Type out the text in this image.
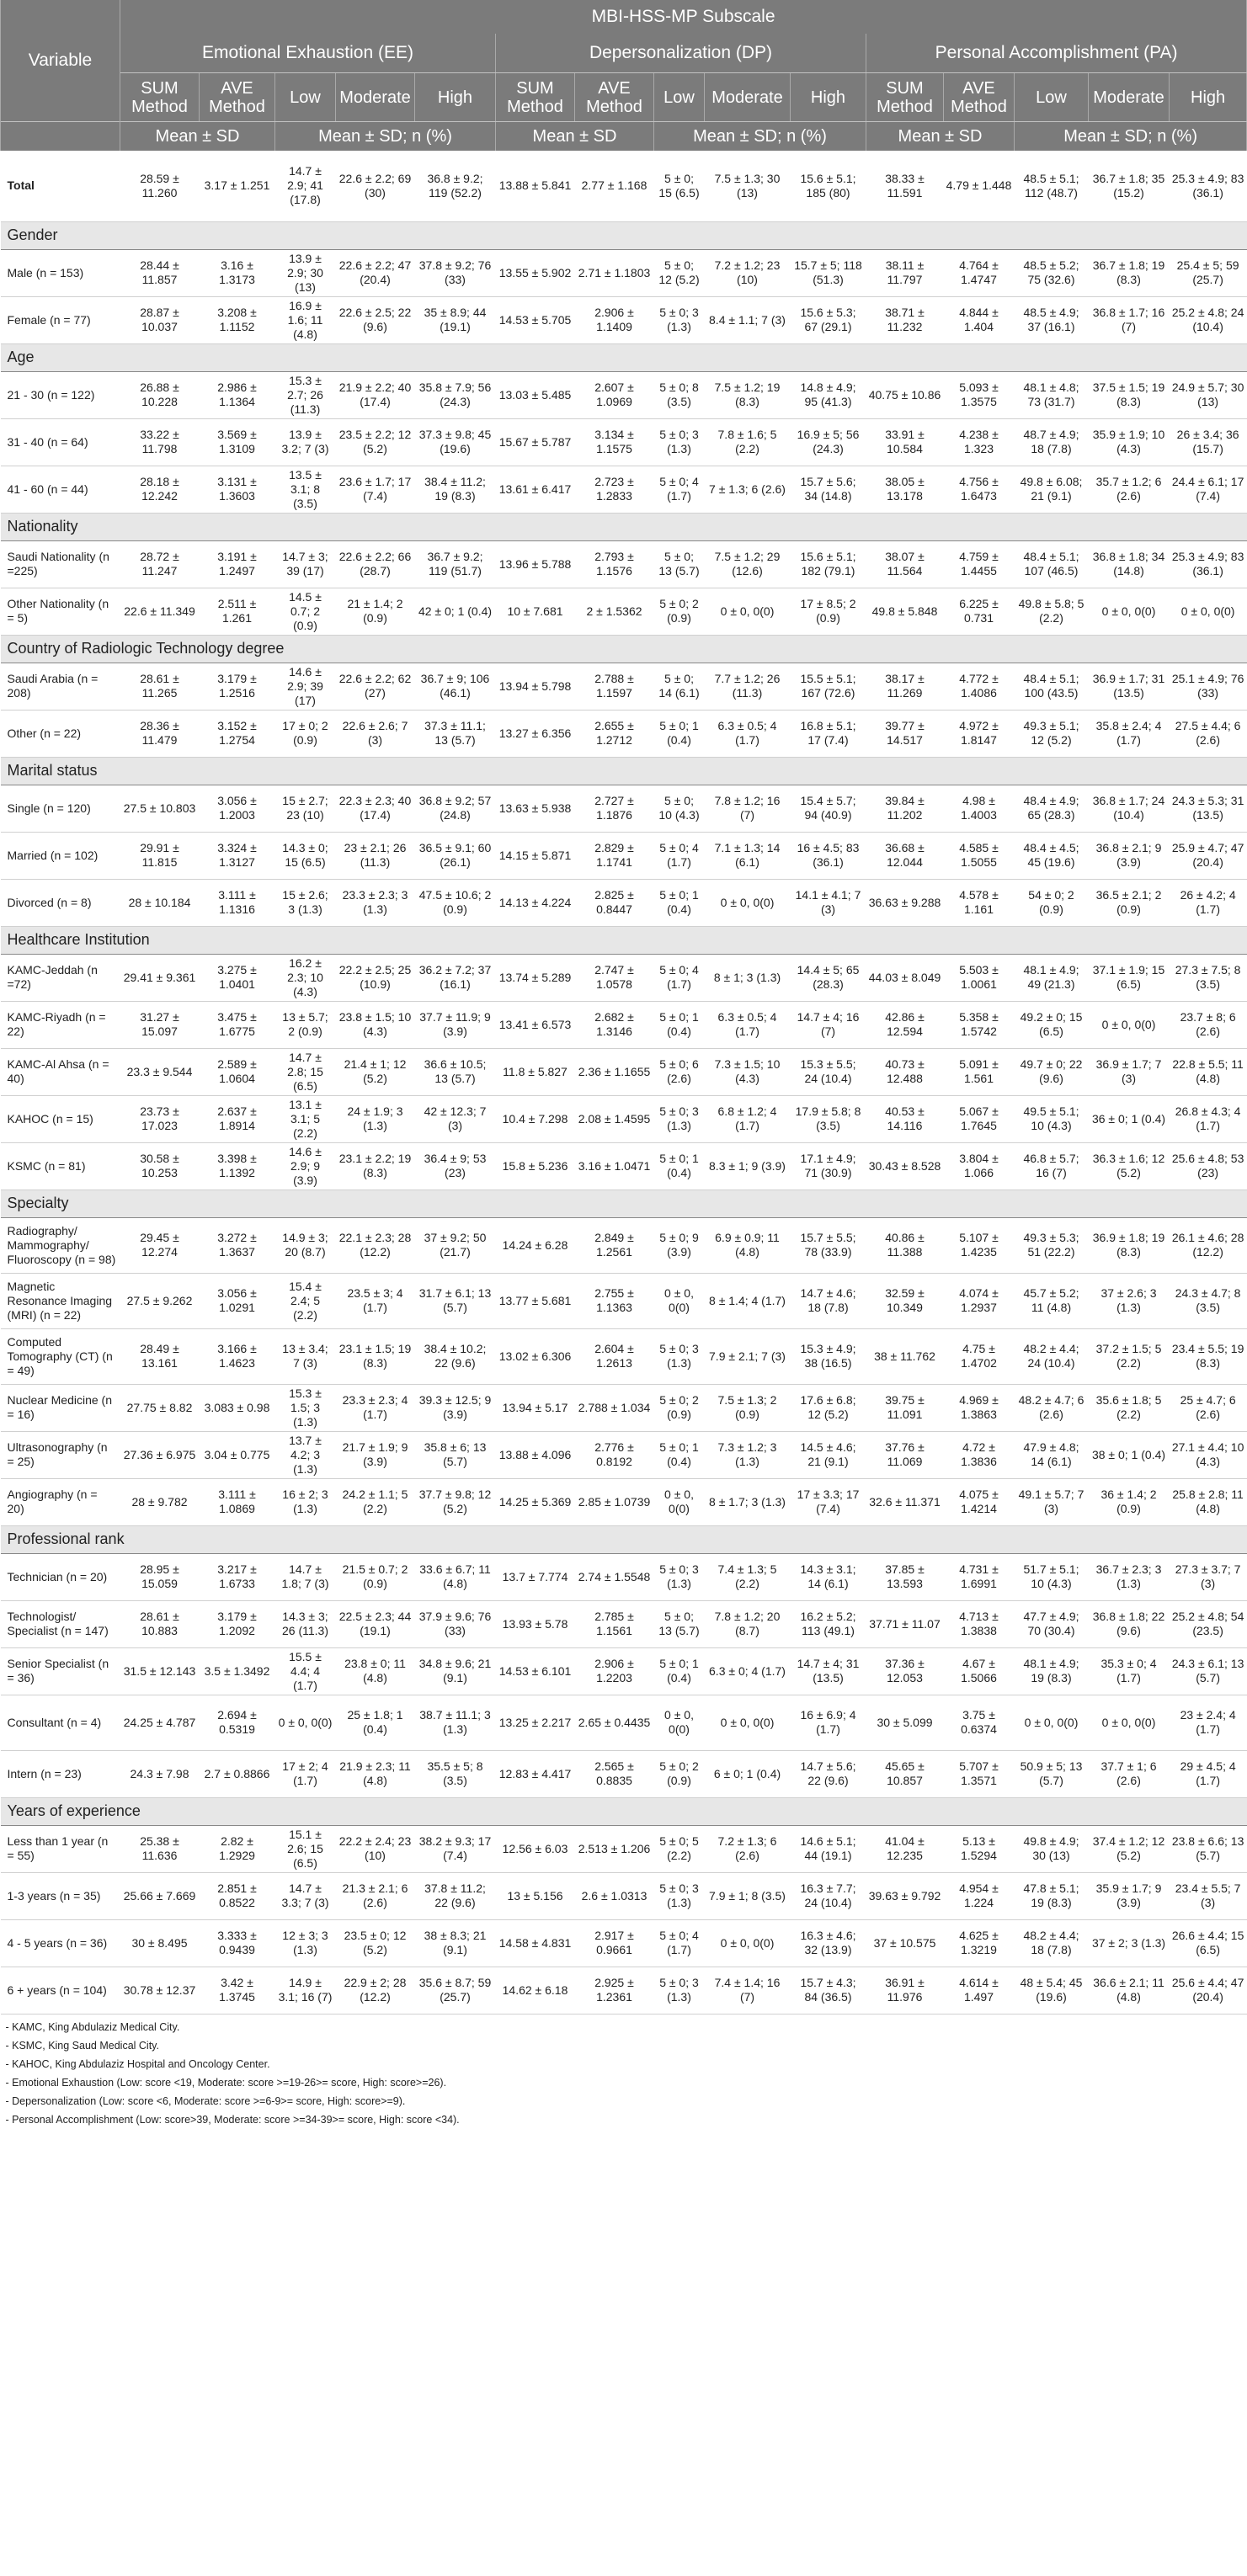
Variable	MBI-HSS-MP Subscale														
	Emotional Exhaustion (EE)					Depersonalization (DP)					Personal Accomplishment (PA)				
	SUM Method	AVE Method	Low	Moderate	High	SUM Method	AVE Method	Low	Moderate	High	SUM Method	AVE Method	Low	Moderate	High
	Mean ± SD		Mean ± SD; n (%)			Mean ± SD		Mean ± SD; n (%)			Mean ± SD		Mean ± SD; n (%)		
Total	28.59 ± 11.260	3.17 ± 1.251	14.7 ± 2.9; 41 (17.8)	22.6 ± 2.2; 69 (30)	36.8 ± 9.2; 119 (52.2)	13.88 ± 5.841	2.77 ± 1.168	5 ± 0; 15 (6.5)	7.5 ± 1.3; 30 (13)	15.6 ± 5.1; 185 (80)	38.33 ± 11.591	4.79 ± 1.448	48.5 ± 5.1; 112 (48.7)	36.7 ± 1.8; 35 (15.2)	25.3 ± 4.9; 83 (36.1)
Gender															
Male (n = 153)	28.44 ± 11.857	3.16 ± 1.3173	13.9 ± 2.9; 30 (13)	22.6 ± 2.2; 47 (20.4)	37.8 ± 9.2; 76 (33)	13.55 ± 5.902	2.71 ± 1.1803	5 ± 0; 12 (5.2)	7.2 ± 1.2; 23 (10)	15.7 ± 5; 118 (51.3)	38.11 ± 11.797	4.764 ± 1.4747	48.5 ± 5.2; 75 (32.6)	36.7 ± 1.8; 19 (8.3)	25.4 ± 5; 59 (25.7)
Female (n = 77)	28.87 ± 10.037	3.208 ± 1.1152	16.9 ± 1.6; 11 (4.8)	22.6 ± 2.5; 22 (9.6)	35 ± 8.9; 44 (19.1)	14.53 ± 5.705	2.906 ± 1.1409	5 ± 0; 3 (1.3)	8.4 ± 1.1; 7 (3)	15.6 ± 5.3; 67 (29.1)	38.71 ± 11.232	4.844 ± 1.404	48.5 ± 4.9; 37 (16.1)	36.8 ± 1.7; 16 (7)	25.2 ± 4.8; 24 (10.4)
Age															
21 - 30 (n = 122)	26.88 ± 10.228	2.986 ± 1.1364	15.3 ± 2.7; 26 (11.3)	21.9 ± 2.2; 40 (17.4)	35.8 ± 7.9; 56 (24.3)	13.03 ± 5.485	2.607 ± 1.0969	5 ± 0; 8 (3.5)	7.5 ± 1.2; 19 (8.3)	14.8 ± 4.9; 95 (41.3)	40.75 ± 10.86	5.093 ± 1.3575	48.1 ± 4.8; 73 (31.7)	37.5 ± 1.5; 19 (8.3)	24.9 ± 5.7; 30 (13)
31 - 40 (n = 64)	33.22 ± 11.798	3.569 ± 1.3109	13.9 ± 3.2; 7 (3)	23.5 ± 2.2; 12 (5.2)	37.3 ± 9.8; 45 (19.6)	15.67 ± 5.787	3.134 ± 1.1575	5 ± 0; 3 (1.3)	7.8 ± 1.6; 5 (2.2)	16.9 ± 5; 56 (24.3)	33.91 ± 10.584	4.238 ± 1.323	48.7 ± 4.9; 18 (7.8)	35.9 ± 1.9; 10 (4.3)	26 ± 3.4; 36 (15.7)
41 - 60 (n = 44)	28.18 ± 12.242	3.131 ± 1.3603	13.5 ± 3.1; 8 (3.5)	23.6 ± 1.7; 17 (7.4)	38.4 ± 11.2; 19 (8.3)	13.61 ± 6.417	2.723 ± 1.2833	5 ± 0; 4 (1.7)	7 ± 1.3; 6 (2.6)	15.7 ± 5.6; 34 (14.8)	38.05 ± 13.178	4.756 ± 1.6473	49.8 ± 6.08; 21 (9.1)	35.7 ± 1.2; 6 (2.6)	24.4 ± 6.1; 17 (7.4)
Nationality															
Saudi Nationality (n =225)	28.72 ± 11.247	3.191 ± 1.2497	14.7 ± 3; 39 (17)	22.6 ± 2.2; 66 (28.7)	36.7 ± 9.2; 119 (51.7)	13.96 ± 5.788	2.793 ± 1.1576	5 ± 0; 13 (5.7)	7.5 ± 1.2; 29 (12.6)	15.6 ± 5.1; 182 (79.1)	38.07 ± 11.564	4.759 ± 1.4455	48.4 ± 5.1; 107 (46.5)	36.8 ± 1.8; 34 (14.8)	25.3 ± 4.9; 83 (36.1)
Other Nationality (n = 5)	22.6 ± 11.349	2.511 ± 1.261	14.5 ± 0.7; 2 (0.9)	21 ± 1.4; 2 (0.9)	42 ± 0; 1 (0.4)	10 ± 7.681	2 ± 1.5362	5 ± 0; 2 (0.9)	0 ± 0, 0(0)	17 ± 8.5; 2 (0.9)	49.8 ± 5.848	6.225 ± 0.731	49.8 ± 5.8; 5 (2.2)	0 ± 0, 0(0)	0 ± 0, 0(0)
Country of Radiologic Technology degree															
Saudi Arabia (n = 208)	28.61 ± 11.265	3.179 ± 1.2516	14.6 ± 2.9; 39 (17)	22.6 ± 2.2; 62 (27)	36.7 ± 9; 106 (46.1)	13.94 ± 5.798	2.788 ± 1.1597	5 ± 0; 14 (6.1)	7.7 ± 1.2; 26 (11.3)	15.5 ± 5.1; 167 (72.6)	38.17 ± 11.269	4.772 ± 1.4086	48.4 ± 5.1; 100 (43.5)	36.9 ± 1.7; 31 (13.5)	25.1 ± 4.9; 76 (33)
Other (n = 22)	28.36 ± 11.479	3.152 ± 1.2754	17 ± 0; 2 (0.9)	22.6 ± 2.6; 7 (3)	37.3 ± 11.1; 13 (5.7)	13.27 ± 6.356	2.655 ± 1.2712	5 ± 0; 1 (0.4)	6.3 ± 0.5; 4 (1.7)	16.8 ± 5.1; 17 (7.4)	39.77 ± 14.517	4.972 ± 1.8147	49.3 ± 5.1; 12 (5.2)	35.8 ± 2.4; 4 (1.7)	27.5 ± 4.4; 6 (2.6)
Marital status															
Single (n = 120)	27.5 ± 10.803	3.056 ± 1.2003	15 ± 2.7; 23 (10)	22.3 ± 2.3; 40 (17.4)	36.8 ± 9.2; 57 (24.8)	13.63 ± 5.938	2.727 ± 1.1876	5 ± 0; 10 (4.3)	7.8 ± 1.2; 16 (7)	15.4 ± 5.7; 94 (40.9)	39.84 ± 11.202	4.98 ± 1.4003	48.4 ± 4.9; 65 (28.3)	36.8 ± 1.7; 24 (10.4)	24.3 ± 5.3; 31 (13.5)
Married (n = 102)	29.91 ± 11.815	3.324 ± 1.3127	14.3 ± 0; 15 (6.5)	23 ± 2.1; 26 (11.3)	36.5 ± 9.1; 60 (26.1)	14.15 ± 5.871	2.829 ± 1.1741	5 ± 0; 4 (1.7)	7.1 ± 1.3; 14 (6.1)	16 ± 4.5; 83 (36.1)	36.68 ± 12.044	4.585 ± 1.5055	48.4 ± 4.5; 45 (19.6)	36.8 ± 2.1; 9 (3.9)	25.9 ± 4.7; 47 (20.4)
Divorced (n = 8)	28 ± 10.184	3.111 ± 1.1316	15 ± 2.6; 3 (1.3)	23.3 ± 2.3; 3 (1.3)	47.5 ± 10.6; 2 (0.9)	14.13 ± 4.224	2.825 ± 0.8447	5 ± 0; 1 (0.4)	0 ± 0, 0(0)	14.1 ± 4.1; 7 (3)	36.63 ± 9.288	4.578 ± 1.161	54 ± 0; 2 (0.9)	36.5 ± 2.1; 2 (0.9)	26 ± 4.2; 4 (1.7)
Healthcare Institution															
KAMC-Jeddah (n =72)	29.41 ± 9.361	3.275 ± 1.0401	16.2 ± 2.3; 10 (4.3)	22.2 ± 2.5; 25 (10.9)	36.2 ± 7.2; 37 (16.1)	13.74 ± 5.289	2.747 ± 1.0578	5 ± 0; 4 (1.7)	8 ± 1; 3 (1.3)	14.4 ± 5; 65 (28.3)	44.03 ± 8.049	5.503 ± 1.0061	48.1 ± 4.9; 49 (21.3)	37.1 ± 1.9; 15 (6.5)	27.3 ± 7.5; 8 (3.5)
KAMC-Riyadh (n = 22)	31.27 ± 15.097	3.475 ± 1.6775	13 ± 5.7; 2 (0.9)	23.8 ± 1.5; 10 (4.3)	37.7 ± 11.9; 9 (3.9)	13.41 ± 6.573	2.682 ± 1.3146	5 ± 0; 1 (0.4)	6.3 ± 0.5; 4 (1.7)	14.7 ± 4; 16 (7)	42.86 ± 12.594	5.358 ± 1.5742	49.2 ± 0; 15 (6.5)	0 ± 0, 0(0)	23.7 ± 8; 6 (2.6)
KAMC-Al Ahsa (n = 40)	23.3 ± 9.544	2.589 ± 1.0604	14.7 ± 2.8; 15 (6.5)	21.4 ± 1; 12 (5.2)	36.6 ± 10.5; 13 (5.7)	11.8 ± 5.827	2.36 ± 1.1655	5 ± 0; 6 (2.6)	7.3 ± 1.5; 10 (4.3)	15.3 ± 5.5; 24 (10.4)	40.73 ± 12.488	5.091 ± 1.561	49.7 ± 0; 22 (9.6)	36.9 ± 1.7; 7 (3)	22.8 ± 5.5; 11 (4.8)
KAHOC (n = 15)	23.73 ± 17.023	2.637 ± 1.8914	13.1 ± 3.1; 5 (2.2)	24 ± 1.9; 3 (1.3)	42 ± 12.3; 7 (3)	10.4 ± 7.298	2.08 ± 1.4595	5 ± 0; 3 (1.3)	6.8 ± 1.2; 4 (1.7)	17.9 ± 5.8; 8 (3.5)	40.53 ± 14.116	5.067 ± 1.7645	49.5 ± 5.1; 10 (4.3)	36 ± 0; 1 (0.4)	26.8 ± 4.3; 4 (1.7)
KSMC (n = 81)	30.58 ± 10.253	3.398 ± 1.1392	14.6 ± 2.9; 9 (3.9)	23.1 ± 2.2; 19 (8.3)	36.4 ± 9; 53 (23)	15.8 ± 5.236	3.16 ± 1.0471	5 ± 0; 1 (0.4)	8.3 ± 1; 9 (3.9)	17.1 ± 4.9; 71 (30.9)	30.43 ± 8.528	3.804 ± 1.066	46.8 ± 5.7; 16 (7)	36.3 ± 1.6; 12 (5.2)	25.6 ± 4.8; 53 (23)
Specialty															
Radiography/ Mammography/ Fluoroscopy (n = 98)	29.45 ± 12.274	3.272 ± 1.3637	14.9 ± 3; 20 (8.7)	22.1 ± 2.3; 28 (12.2)	37 ± 9.2; 50 (21.7)	14.24 ± 6.28	2.849 ± 1.2561	5 ± 0; 9 (3.9)	6.9 ± 0.9; 11 (4.8)	15.7 ± 5.5; 78 (33.9)	40.86 ± 11.388	5.107 ± 1.4235	49.3 ± 5.3; 51 (22.2)	36.9 ± 1.8; 19 (8.3)	26.1 ± 4.6; 28 (12.2)
Magnetic Resonance Imaging (MRI) (n = 22)	27.5 ± 9.262	3.056 ± 1.0291	15.4 ± 2.4; 5 (2.2)	23.5 ± 3; 4 (1.7)	31.7 ± 6.1; 13 (5.7)	13.77 ± 5.681	2.755 ± 1.1363	0 ± 0, 0(0)	8 ± 1.4; 4 (1.7)	14.7 ± 4.6; 18 (7.8)	32.59 ± 10.349	4.074 ± 1.2937	45.7 ± 5.2; 11 (4.8)	37 ± 2.6; 3 (1.3)	24.3 ± 4.7; 8 (3.5)
Computed Tomography (CT) (n = 49)	28.49 ± 13.161	3.166 ± 1.4623	13 ± 3.4; 7 (3)	23.1 ± 1.5; 19 (8.3)	38.4 ± 10.2; 22 (9.6)	13.02 ± 6.306	2.604 ± 1.2613	5 ± 0; 3 (1.3)	7.9 ± 2.1; 7 (3)	15.3 ± 4.9; 38 (16.5)	38 ± 11.762	4.75 ± 1.4702	48.2 ± 4.4; 24 (10.4)	37.2 ± 1.5; 5 (2.2)	23.4 ± 5.5; 19 (8.3)
Nuclear Medicine (n = 16)	27.75 ± 8.82	3.083 ± 0.98	15.3 ± 1.5; 3 (1.3)	23.3 ± 2.3; 4 (1.7)	39.3 ± 12.5; 9 (3.9)	13.94 ± 5.17	2.788 ± 1.034	5 ± 0; 2 (0.9)	7.5 ± 1.3; 2 (0.9)	17.6 ± 6.8; 12 (5.2)	39.75 ± 11.091	4.969 ± 1.3863	48.2 ± 4.7; 6 (2.6)	35.6 ± 1.8; 5 (2.2)	25 ± 4.7; 6 (2.6)
Ultrasonography (n = 25)	27.36 ± 6.975	3.04 ± 0.775	13.7 ± 4.2; 3 (1.3)	21.7 ± 1.9; 9 (3.9)	35.8 ± 6; 13 (5.7)	13.88 ± 4.096	2.776 ± 0.8192	5 ± 0; 1 (0.4)	7.3 ± 1.2; 3 (1.3)	14.5 ± 4.6; 21 (9.1)	37.76 ± 11.069	4.72 ± 1.3836	47.9 ± 4.8; 14 (6.1)	38 ± 0; 1 (0.4)	27.1 ± 4.4; 10 (4.3)
Angiography (n = 20)	28 ± 9.782	3.111 ± 1.0869	16 ± 2; 3 (1.3)	24.2 ± 1.1; 5 (2.2)	37.7 ± 9.8; 12 (5.2)	14.25 ± 5.369	2.85 ± 1.0739	0 ± 0, 0(0)	8 ± 1.7; 3 (1.3)	17 ± 3.3; 17 (7.4)	32.6 ± 11.371	4.075 ± 1.4214	49.1 ± 5.7; 7 (3)	36 ± 1.4; 2 (0.9)	25.8 ± 2.8; 11 (4.8)
Professional rank															
Technician (n = 20)	28.95 ± 15.059	3.217 ± 1.6733	14.7 ± 1.8; 7 (3)	21.5 ± 0.7; 2 (0.9)	33.6 ± 6.7; 11 (4.8)	13.7 ± 7.774	2.74 ± 1.5548	5 ± 0; 3 (1.3)	7.4 ± 1.3; 5 (2.2)	14.3 ± 3.1; 14 (6.1)	37.85 ± 13.593	4.731 ± 1.6991	51.7 ± 5.1; 10 (4.3)	36.7 ± 2.3; 3 (1.3)	27.3 ± 3.7; 7 (3)
Technologist/ Specialist (n = 147)	28.61 ± 10.883	3.179 ± 1.2092	14.3 ± 3; 26 (11.3)	22.5 ± 2.3; 44 (19.1)	37.9 ± 9.6; 76 (33)	13.93 ± 5.78	2.785 ± 1.1561	5 ± 0; 13 (5.7)	7.8 ± 1.2; 20 (8.7)	16.2 ± 5.2; 113 (49.1)	37.71 ± 11.07	4.713 ± 1.3838	47.7 ± 4.9; 70 (30.4)	36.8 ± 1.8; 22 (9.6)	25.2 ± 4.8; 54 (23.5)
Senior Specialist (n = 36)	31.5 ± 12.143	3.5 ± 1.3492	15.5 ± 4.4; 4 (1.7)	23.8 ± 0; 11 (4.8)	34.8 ± 9.6; 21 (9.1)	14.53 ± 6.101	2.906 ± 1.2203	5 ± 0; 1 (0.4)	6.3 ± 0; 4 (1.7)	14.7 ± 4; 31 (13.5)	37.36 ± 12.053	4.67 ± 1.5066	48.1 ± 4.9; 19 (8.3)	35.3 ± 0; 4 (1.7)	24.3 ± 6.1; 13 (5.7)
Consultant (n = 4)	24.25 ± 4.787	2.694 ± 0.5319	0 ± 0, 0(0)	25 ± 1.8; 1 (0.4)	38.7 ± 11.1; 3 (1.3)	13.25 ± 2.217	2.65 ± 0.4435	0 ± 0, 0(0)	0 ± 0, 0(0)	16 ± 6.9; 4 (1.7)	30 ± 5.099	3.75 ± 0.6374	0 ± 0, 0(0)	0 ± 0, 0(0)	23 ± 2.4; 4 (1.7)
Intern (n = 23)	24.3 ± 7.98	2.7 ± 0.8866	17 ± 2; 4 (1.7)	21.9 ± 2.3; 11 (4.8)	35.5 ± 5; 8 (3.5)	12.83 ± 4.417	2.565 ± 0.8835	5 ± 0; 2 (0.9)	6 ± 0; 1 (0.4)	14.7 ± 5.6; 22 (9.6)	45.65 ± 10.857	5.707 ± 1.3571	50.9 ± 5; 13 (5.7)	37.7 ± 1; 6 (2.6)	29 ± 4.5; 4 (1.7)
Years of experience															
Less than 1 year (n = 55)	25.38 ± 11.636	2.82 ± 1.2929	15.1 ± 2.6; 15 (6.5)	22.2 ± 2.4; 23 (10)	38.2 ± 9.3; 17 (7.4)	12.56 ± 6.03	2.513 ± 1.206	5 ± 0; 5 (2.2)	7.2 ± 1.3; 6 (2.6)	14.6 ± 5.1; 44 (19.1)	41.04 ± 12.235	5.13 ± 1.5294	49.8 ± 4.9; 30 (13)	37.4 ± 1.2; 12 (5.2)	23.8 ± 6.6; 13 (5.7)
1-3 years (n = 35)	25.66 ± 7.669	2.851 ± 0.8522	14.7 ± 3.3; 7 (3)	21.3 ± 2.1; 6 (2.6)	37.8 ± 11.2; 22 (9.6)	13 ± 5.156	2.6 ± 1.0313	5 ± 0; 3 (1.3)	7.9 ± 1; 8 (3.5)	16.3 ± 7.7; 24 (10.4)	39.63 ± 9.792	4.954 ± 1.224	47.8 ± 5.1; 19 (8.3)	35.9 ± 1.7; 9 (3.9)	23.4 ± 5.5; 7 (3)
4 - 5 years (n = 36)	30 ± 8.495	3.333 ± 0.9439	12 ± 3; 3 (1.3)	23.5 ± 0; 12 (5.2)	38 ± 8.3; 21 (9.1)	14.58 ± 4.831	2.917 ± 0.9661	5 ± 0; 4 (1.7)	0 ± 0, 0(0)	16.3 ± 4.6; 32 (13.9)	37 ± 10.575	4.625 ± 1.3219	48.2 ± 4.4; 18 (7.8)	37 ± 2; 3 (1.3)	26.6 ± 4.4; 15 (6.5)
6 + years (n = 104)	30.78 ± 12.37	3.42 ± 1.3745	14.9 ± 3.1; 16 (7)	22.9 ± 2; 28 (12.2)	35.6 ± 8.7; 59 (25.7)	14.62 ± 6.18	2.925 ± 1.2361	5 ± 0; 3 (1.3)	7.4 ± 1.4; 16 (7)	15.7 ± 4.3; 84 (36.5)	36.91 ± 11.976	4.614 ± 1.497	48 ± 5.4; 45 (19.6)	36.6 ± 2.1; 11 (4.8)	25.6 ± 4.4; 47 (20.4)
- KAMC, King Abdulaziz Medical City.															
- KSMC, King Saud Medical City.															
- KAHOC, King Abdulaziz Hospital and Oncology Center.															
- Emotional Exhaustion (Low: score <19, Moderate: score >=19-26>= score, High: score>=26).															
- Depersonalization (Low: score <6, Moderate: score >=6-9>= score, High: score>=9).															
- Personal Accomplishment (Low: score>39, Moderate: score >=34-39>= score, High: score <34).															
